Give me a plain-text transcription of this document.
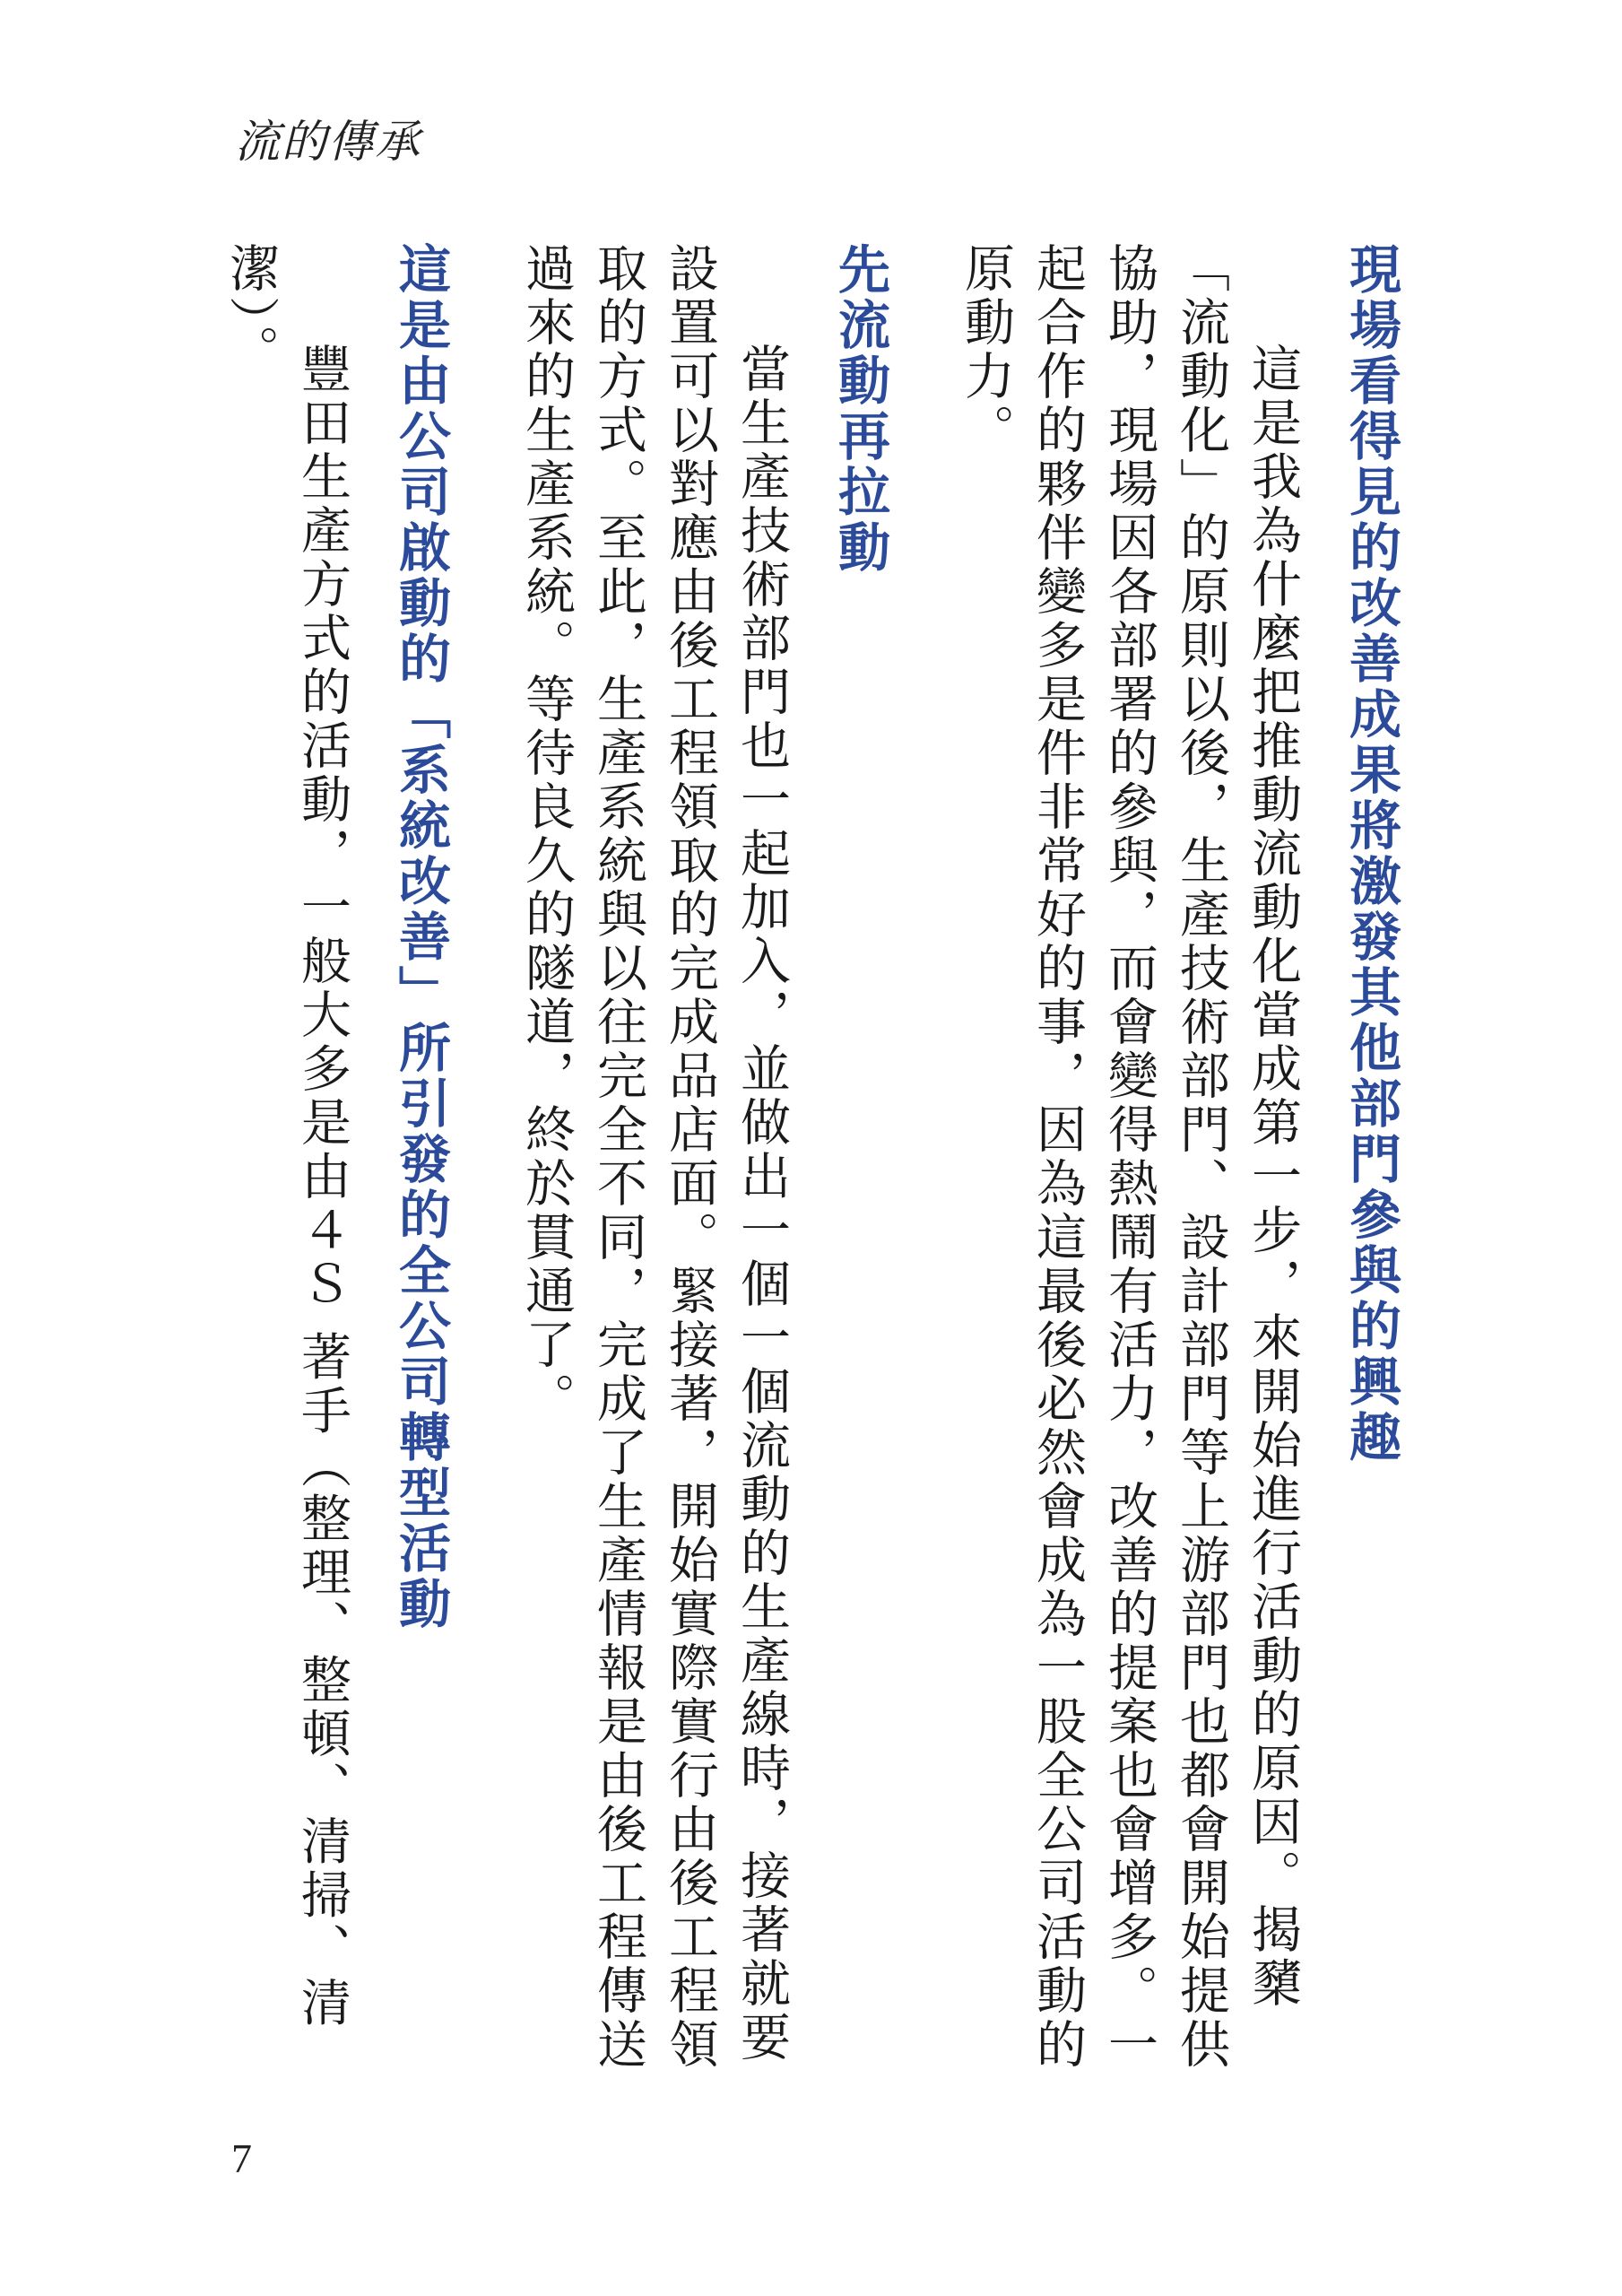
流的傳承
現場看得見的改善成果將激發其他部門參與的興趣

這是我為什麼把推動流動化當成第一步，來開始進行活動的原因。揭櫫「流動化」的原則以後，生產技術部門、設計部門等上游部門也都會開始提供協助，現場因各部署的參與，而會變得熱鬧有活力，改善的提案也會增多。一起合作的夥伴變多是件非常好的事，因為這最後必然會成為一股全公司活動的原動力。

先流動再拉動

當生產技術部門也一起加入，並做出一個一個流動的生產線時，接著就要設置可以對應由後工程領取的完成品店面。緊接著，開始實際實行由後工程領取的方式。至此，生產系統與以往完全不同，完成了生產情報是由後工程傳送過來的生產系統。等待良久的隧道，終於貫通了。

這是由公司啟動的「系統改善」所引發的全公司轉型活動

豐田生產方式的活動，一般大多是由４Ｓ 著手（整理、整頓、清掃、清潔）。

7
